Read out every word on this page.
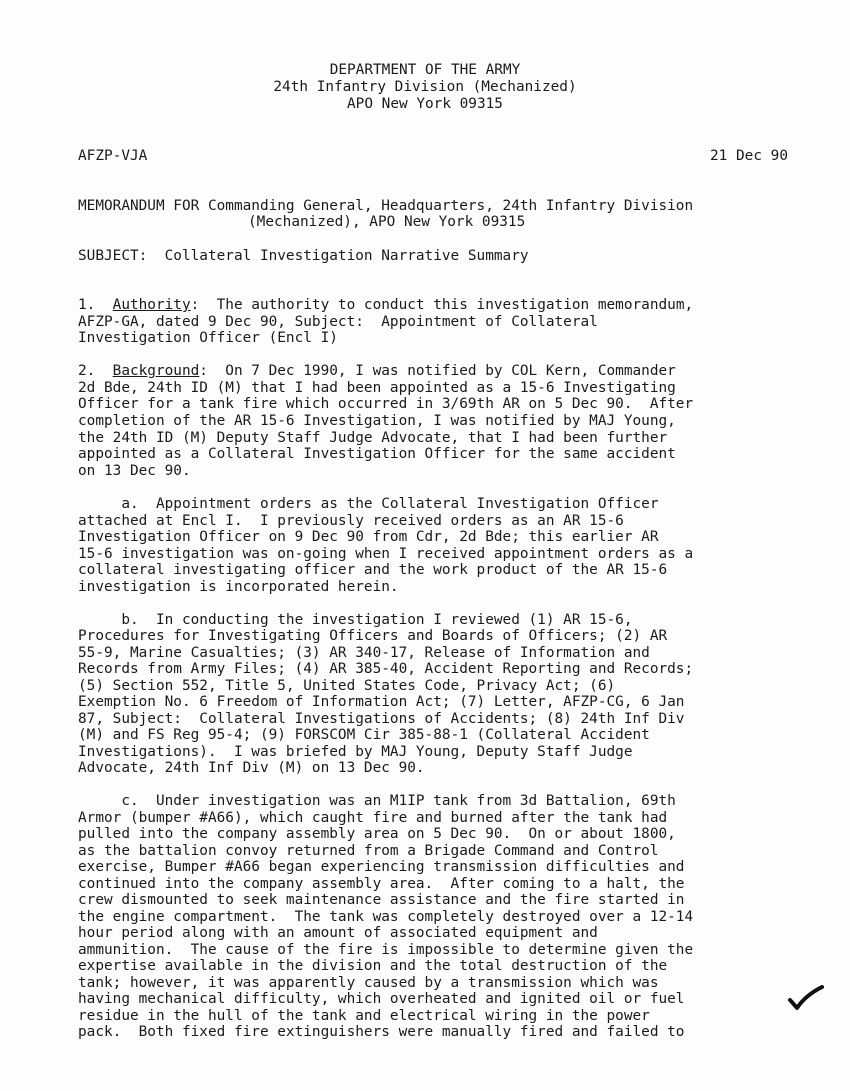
DEPARTMENT OF THE ARMY
24th Infantry Division (Mechanized)
APO New York 09315
AFZP-VJA	21 Dec 90
MEMORANDUM FOR Commanding General, Headquarters, 24th Infantry Division
(Mechanized), APO New York 09315
SUBJECT:  Collateral Investigation Narrative Summary
1.  Authority:  The authority to conduct this investigation memorandum,
AFZP-GA, dated 9 Dec 90, Subject:  Appointment of Collateral
Investigation Officer (Encl I)
2.  Background:  On 7 Dec 1990, I was notified by COL Kern, Commander
2d Bde, 24th ID (M) that I had been appointed as a 15-6 Investigating
Officer for a tank fire which occurred in 3/69th AR on 5 Dec 90.  After
completion of the AR 15-6 Investigation, I was notified by MAJ Young,
the 24th ID (M) Deputy Staff Judge Advocate, that I had been further
appointed as a Collateral Investigation Officer for the same accident
on 13 Dec 90.
a.  Appointment orders as the Collateral Investigation Officer
attached at Encl I.  I previously received orders as an AR 15-6
Investigation Officer on 9 Dec 90 from Cdr, 2d Bde; this earlier AR
15-6 investigation was on-going when I received appointment orders as a
collateral investigating officer and the work product of the AR 15-6
investigation is incorporated herein.
b.  In conducting the investigation I reviewed (1) AR 15-6,
Procedures for Investigating Officers and Boards of Officers; (2) AR
55-9, Marine Casualties; (3) AR 340-17, Release of Information and
Records from Army Files; (4) AR 385-40, Accident Reporting and Records;
(5) Section 552, Title 5, United States Code, Privacy Act; (6)
Exemption No. 6 Freedom of Information Act; (7) Letter, AFZP-CG, 6 Jan
87, Subject:  Collateral Investigations of Accidents; (8) 24th Inf Div
(M) and FS Reg 95-4; (9) FORSCOM Cir 385-88-1 (Collateral Accident
Investigations).  I was briefed by MAJ Young, Deputy Staff Judge
Advocate, 24th Inf Div (M) on 13 Dec 90.
c.  Under investigation was an M1IP tank from 3d Battalion, 69th
Armor (bumper #A66), which caught fire and burned after the tank had
pulled into the company assembly area on 5 Dec 90.  On or about 1800,
as the battalion convoy returned from a Brigade Command and Control
exercise, Bumper #A66 began experiencing transmission difficulties and
continued into the company assembly area.  After coming to a halt, the
crew dismounted to seek maintenance assistance and the fire started in
the engine compartment.  The tank was completely destroyed over a 12-14
hour period along with an amount of associated equipment and
ammunition.  The cause of the fire is impossible to determine given the
expertise available in the division and the total destruction of the
tank; however, it was apparently caused by a transmission which was
having mechanical difficulty, which overheated and ignited oil or fuel
residue in the hull of the tank and electrical wiring in the power
pack.  Both fixed fire extinguishers were manually fired and failed to
